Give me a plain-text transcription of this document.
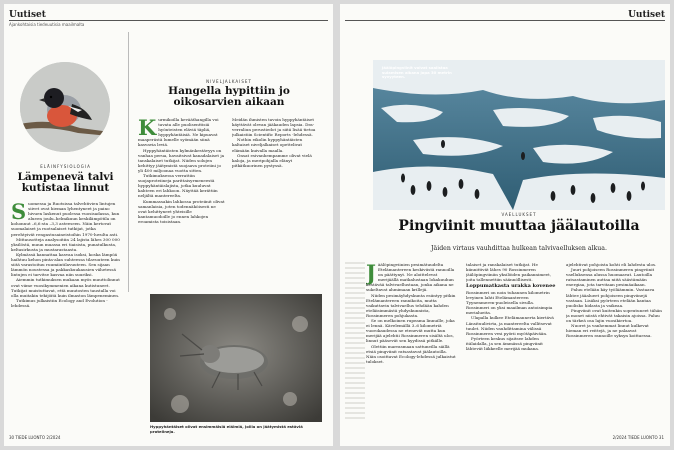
Uutiset
Ajankohtaisia tiedeuutisia maailmalta
ELÄINFYSIOLOGIA
Lämpenevä talvi kutistaa linnut
Suomessa ja Ruotsissa talvehtivien lintujen siivet ovat hieman lyhentyneet ja paino hivuen laskenut puolessa vuosisadassa, kun alueen joulu–helmikuun keskilämpötila on kohonnut –6,6:sta –3,3 asteeseen. Näin kertovat suomalaiset ja ruotsalaiset tutkijat, jotka perehtyivät rengastusaineistoihin 1970-luvulta asti.
Mittausotteja analysoitiin 24 lajista lähes 300 000 yksilöstä, muun muassa eri tiaisista, punatulkusta, keltasirkusta ja mustarastaasta.
Kylmässä kannattaa kasvaa isoksi, koska lämpöä haihtuu kehon pinta-alan suhteessa tilavuuteen kuin siitä varastoituu ruumiintilavuuteen. Sen sijaan lämmön noustessa ja pakkaskuukausien vähetessä lintujen ei tarvitse kasvaa niin suuriksi.
Aiemmin tutkimuksen mukaan myös muuttolinnut ovat viime vuosikymmenien aikana kutistuneet. Tutkijat muistuttavat, että muutosten taustalla voi olla muitakin tekijöitä kuin ilmaston lämpeneminen.
Tutkimus julkaistiin Ecology and Evolution -lehdessä.
NIVELJALKAISET
Hangella hypittiin jo oikosarvien aikaan
Kurmikoilla kevääthangilla voi tavata alle puolisenttisiä hyönteisten eläviä täpliä, hyppyhäntäisiä. Ne kipuavat maaperästä lumelle syömään siinä kasvavia leviä.
Hyppyhäntäisten kylmänkestävyys on vanhaa perua, havaitsivat kanadalaiset ja tanskalaiset tutkijat. Niiden solujen kehittyy jäätymistä suojaava proteiini jo yli 400 miljoonaa vuotta sitten.
Tutkimuksessa verrattiin suojaproteiineja parittaisyrmeneestä hyppyhäntäislajista, jotka kuuluvat kahteen eri lahkoon. Näyttää kerättiin neljältä mantereelta.
Kummassakin lahkossa proteiinit olivat samanlaisia, joten todennäköisesti ne ovat kehittyneet yhteisille kantamuodoille jo ennen lahkojen eroamista toisistaan.
Meidän ihmisten tavoin hyppyhäntäiset käyttävät olevan jääkauden lapsia. Dra-verraliun perustiedot ja siitä lisää tietoa julkaistiin Scientific Reports -lehdessä.
Nothin eikolin hyppyhäntäisten kaltaiset niveljalkaiset opettelivat elämään kuivalla maalla.
Onsat esivanhempamme olivat vielä kaloja, ja meripohjalla elänyt pitkätkuorinen pystyssä.
Hyppyhäntäiset olivat ensimmäisiä eläimiä, joilla on jäätymistä estäviä proteiineja.
30 TIEDE LUONTO 2/2024
Uutiset
Jäälöpingviinit voivat saalistaa sulamisen aikana jopa 30 metrin syvyyteen.
VAELLUKSET
Pingviinit muuttaa jäälautoilla
Jäiden virtaus vauhdittaa hulkean talvivaelluksen alkua.
Jäälöpingviinien pesimätuudelta Etelämantereen keskiviistä rannoilla on päättynyt. Ne aloittelevat merijäällä matkalustaan lokakuuhun kestävää talvivaellustaan, jonka aikana ne sukeltavat ahmimaan krillejä.
Niiden pesimäyhdyskunta esiintyy pitkin Etelämantereen rannikoita, mutta vaikuttavin talvivaellus tehdään kahden eteläisimmästä yhdyskunnista, Rossinmeren pohjukasta.
Se on melkoinen rupeama linnuille, joka ei lennä. Kävelemällä 3–6 kilometriä vuorokaudessa ne etenevät mutta kun merijää ajelehtii Rossinmeren sisältä ulos, linnut pääsevät sen kyydissä pitkälle.
Olettiin marrasmaan sattuneilla säillä etsiä pingviinit ratsastavat jäälautoilla. Näin osoittavat Ecology-lehdessä julkaistut tulokset.
talaiset ja ranskalaiset tutkijat. He kiinnittivät lähes 90 Rossinmeren jäälöpingviiniin yksilöiden paikannimeet, joita tallennettiin säännöllisesti.
Loppumatkasta urakka kovenee
Rossinmeri on noin tuhannen kilometrin levyinen lahti Etelämantereen Tyynenmeren-puoleisella sivulla. Rossinmeri on yksi maailman antoisimpia merialueita.
Ulapalla kulkee Etelämannerta kiertävä Länsituulivirta, ja mantereelta vallitsevat tuulet. Niiden vauhdittamina välissä Rossinmeren vesi pyörii myötäpäivään.
Pyörteen keskus sijaitsee lahden itälaidalla, ja sen ämmässä pingviinit lähtevät liikkeelle merijää mukana.
ajelehtivat pohjoista kohti eli lahdesta ulos.
Juuri pohjoiseen Rossinmeren pingviinit vaelluksensa alussa huomaavat. Lautoilla ratsastaminen auttaa niitä säästämään energiaa, jota tarvitaan pesimäaikaan.
Paluu etelään käy työläämmin. Vastaava lähtee jääalueet pohjoiseen pingviinejä vastaan. Lisäksi pyörteen etelään kantaa puolisko hidasta ja vaikeaa.
Pingviinit ovat kuitenkin sopeutuneet tähän ja monet niistä ehtivät takaisin ajoissa. Paluu on tärkeä osa lajin vuosikiertoa.
Nuoret ja vanhemmat linnut kulkevat hieman eri reittejä, ja ne palaavat Rossinmeren rannoille syksyn koittaessa.
2/2024 TIEDE LUONTO 31
